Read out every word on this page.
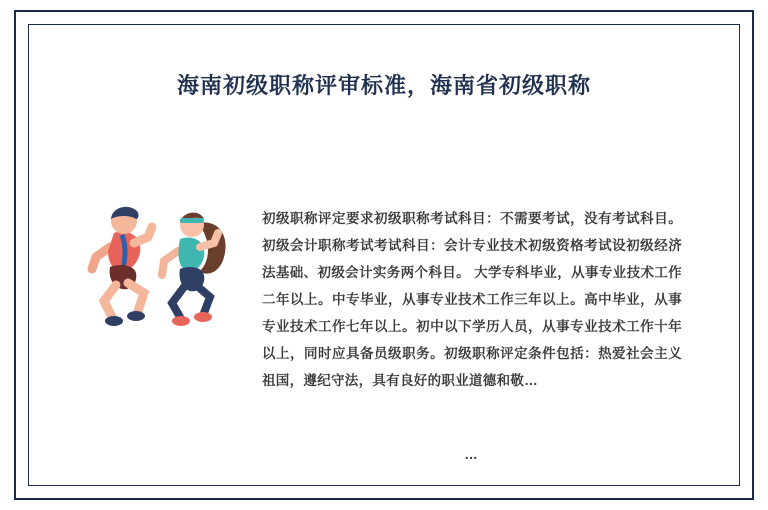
海南初级职称评审标准，海南省初级职称
初级职称评定要求初级职称考试科目：不需要考试，没有考试科目。 初级会计职称考试考试科目：会计专业技术初级资格考试设初级经济法基础、初级会计实务两个科目。 大学专科毕业，从事专业技术工作二年以上。中专毕业，从事专业技术工作三年以上。高中毕业，从事专业技术工作七年以上。初中以下学历人员，从事专业技术工作十年以上，同时应具备员级职务。初级职称评定条件包括：热爱社会主义祖国，遵纪守法，具有良好的职业道德和敬…
…
